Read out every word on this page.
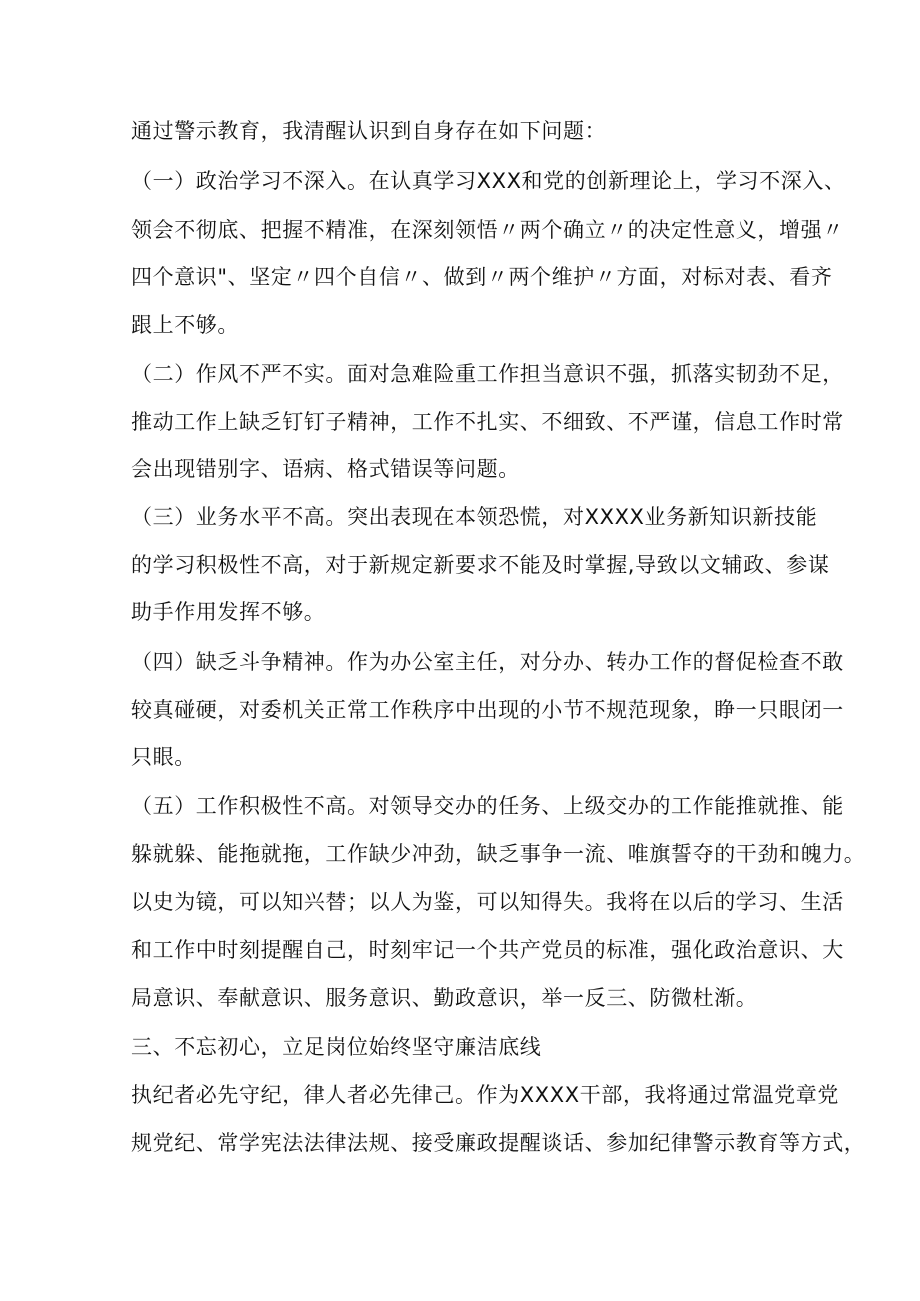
通过警示教育，我清醒认识到自身存在如下问题：

（一）政治学习不深入。在认真学习XXX和党的创新理论上，学习不深入、

领会不彻底、把握不精准，在深刻领悟〃两个确立〃的决定性意义，增强〃

四个意识"、坚定〃四个自信〃、做到〃两个维护〃方面，对标对表、看齐

跟上不够。

（二）作风不严不实。面对急难险重工作担当意识不强，抓落实韧劲不足，

推动工作上缺乏钉钉子精神，工作不扎实、不细致、不严谨，信息工作时常

会出现错别字、语病、格式错误等问题。

（三）业务水平不高。突出表现在本领恐慌，对XXXX业务新知识新技能

的学习积极性不高，对于新规定新要求不能及时掌握,导致以文辅政、参谋

助手作用发挥不够。

（四）缺乏斗争精神。作为办公室主任，对分办、转办工作的督促检查不敢

较真碰硬，对委机关正常工作秩序中出现的小节不规范现象，睁一只眼闭一

只眼。

（五）工作积极性不高。对领导交办的任务、上级交办的工作能推就推、能

躲就躲、能拖就拖，工作缺少冲劲，缺乏事争一流、唯旗誓夺的干劲和魄力。

以史为镜，可以知兴替；以人为鉴，可以知得失。我将在以后的学习、生活

和工作中时刻提醒自己，时刻牢记一个共产党员的标准，强化政治意识、大

局意识、奉献意识、服务意识、勤政意识，举一反三、防微杜渐。

三、不忘初心，立足岗位始终坚守廉洁底线

执纪者必先守纪，律人者必先律己。作为XXXX干部，我将通过常温党章党

规党纪、常学宪法法律法规、接受廉政提醒谈话、参加纪律警示教育等方式，
